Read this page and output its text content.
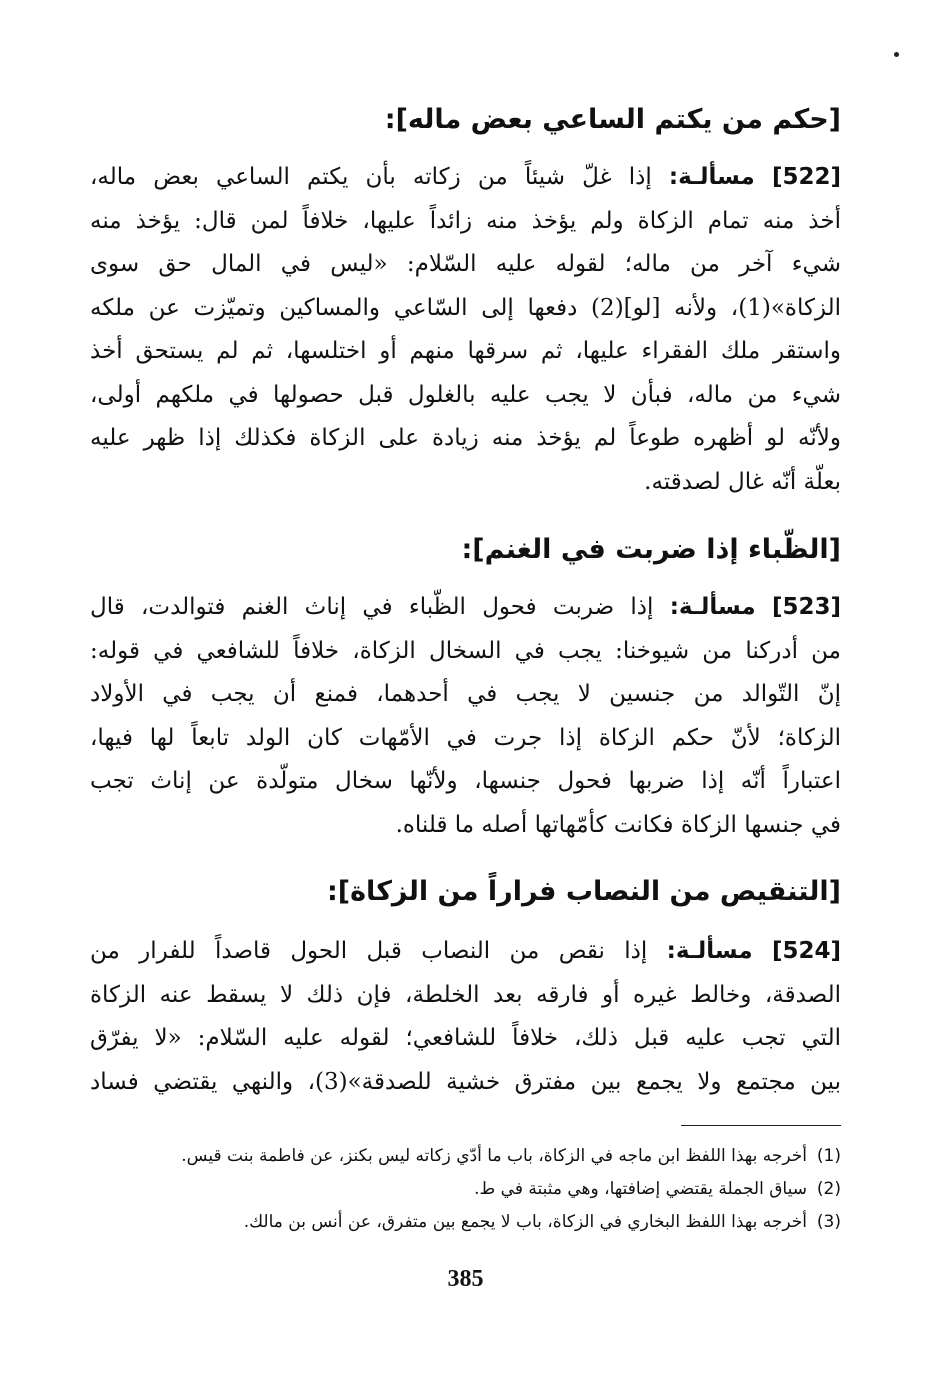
[حكم من يكتم الساعي بعض ماله]:
[522] مسألـة: إذا غلّ شيئاً من زكاته بأن يكتم الساعي بعض ماله،
أخذ منه تمام الزكاة ولم يؤخذ منه زائداً عليها، خلافاً لمن قال: يؤخذ منه
شيء آخر من ماله؛ لقوله عليه السّلام: «ليس في المال حق سوى
الزكاة»(1)، ولأنه [لو](2) دفعها إلى السّاعي والمساكين وتميّزت عن ملكه
واستقر ملك الفقراء عليها، ثم سرقها منهم أو اختلسها، ثم لم يستحق أخذ
شيء من ماله، فبأن لا يجب عليه بالغلول قبل حصولها في ملكهم أولى،
ولأنّه لو أظهره طوعاً لم يؤخذ منه زيادة على الزكاة فكذلك إذا ظهر عليه
بعلّة أنّه غال لصدقته.
[الظّباء إذا ضربت في الغنم]:
[523] مسألـة: إذا ضربت فحول الظّباء في إناث الغنم فتوالدت، قال
من أدركنا من شيوخنا: يجب في السخال الزكاة، خلافاً للشافعي في قوله:
إنّ التّوالد من جنسين لا يجب في أحدهما، فمنع أن يجب في الأولاد
الزكاة؛ لأنّ حكم الزكاة إذا جرت في الأمّهات كان الولد تابعاً لها فيها،
اعتباراً أنّه إذا ضربها فحول جنسها، ولأنّها سخال متولّدة عن إناث تجب
في جنسها الزكاة فكانت كأمّهاتها أصله ما قلناه.
[التنقيص من النصاب فراراً من الزكاة]:
[524] مسألـة: إذا نقص من النصاب قبل الحول قاصداً للفرار من
الصدقة، وخالط غيره أو فارقه بعد الخلطة، فإن ذلك لا يسقط عنه الزكاة
التي تجب عليه قبل ذلك، خلافاً للشافعي؛ لقوله عليه السّلام: «لا يفرّق
بين مجتمع ولا يجمع بين مفترق خشية للصدقة»(3)، والنهي يقتضي فساد
(1)أخرجه بهذا اللفظ ابن ماجه في الزكاة، باب ما أدّي زكاته ليس بكنز، عن فاطمة بنت قيس.
(2)سياق الجملة يقتضي إضافتها، وهي مثبتة في ط.
(3)أخرجه بهذا اللفظ البخاري في الزكاة، باب لا يجمع بين متفرق، عن أنس بن مالك.
385
